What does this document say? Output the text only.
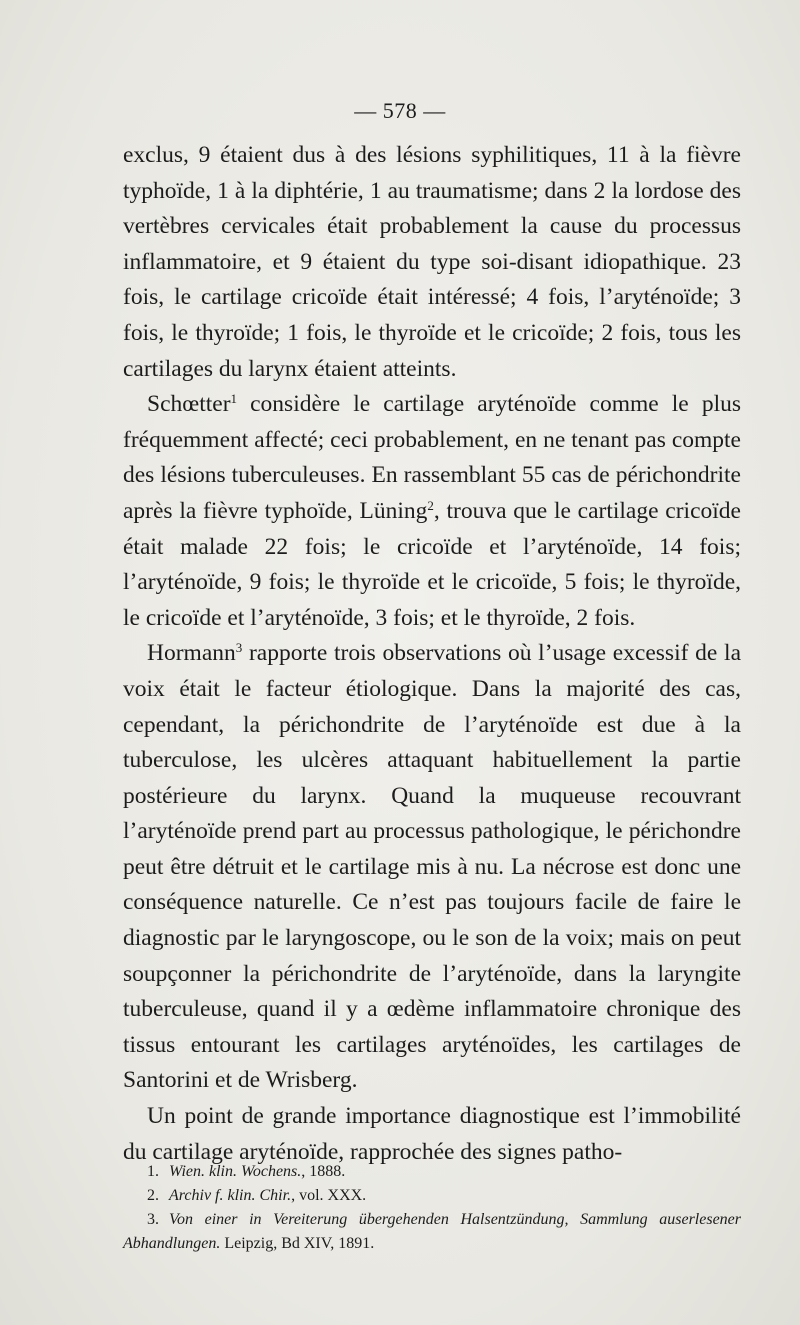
— 578 —

exclus, 9 étaient dus à des lésions syphilitiques, 11 à la fièvre typhoïde, 1 à la diphtérie, 1 au traumatisme; dans 2 la lordose des vertèbres cervicales était probablement la cause du processus inflammatoire, et 9 étaient du type soi-disant idiopathique. 23 fois, le cartilage cricoïde était intéressé; 4 fois, l’aryténoïde; 3 fois, le thyroïde; 1 fois, le thyroïde et le cricoïde; 2 fois, tous les cartilages du larynx étaient atteints.

Schœtter$^1$ considère le cartilage aryténoïde comme le plus fréquemment affecté; ceci probablement, en ne tenant pas compte des lésions tuberculeuses. En rassemblant 55 cas de périchondrite après la fièvre typhoïde, Lüning$^2$, trouva que le cartilage cricoïde était malade 22 fois; le cricoïde et l’aryténoïde, 14 fois; l’aryténoïde, 9 fois; le thyroïde et le cricoïde, 5 fois; le thyroïde, le cricoïde et l’aryténoïde, 3 fois; et le thyroïde, 2 fois.

Hormann$^3$ rapporte trois observations où l’usage excessif de la voix était le facteur étiologique. Dans la majorité des cas, cependant, la périchondrite de l’aryténoïde est due à la tuberculose, les ulcères attaquant habituellement la partie postérieure du larynx. Quand la muqueuse recouvrant l’aryténoïde prend part au processus pathologique, le périchondre peut être détruit et le cartilage mis à nu. La nécrose est donc une conséquence naturelle. Ce n’est pas toujours facile de faire le diagnostic par le laryngoscope, ou le son de la voix; mais on peut soupçonner la périchondrite de l’aryténoïde, dans la laryngite tuberculeuse, quand il y a œdème inflammatoire chronique des tissus entourant les cartilages aryténoïdes, les cartilages de Santorini et de Wrisberg.

Un point de grande importance diagnostique est l’immobilité du cartilage aryténoïde, rapprochée des signes patho-

1. Wien. klin. Wochens., 1888.

2. Archiv f. klin. Chir., vol. XXX.

3. Von einer in Vereiterung übergehenden Halsentzündung, Sammlung auserlesener Abhandlungen. Leipzig, Bd XIV, 1891.
